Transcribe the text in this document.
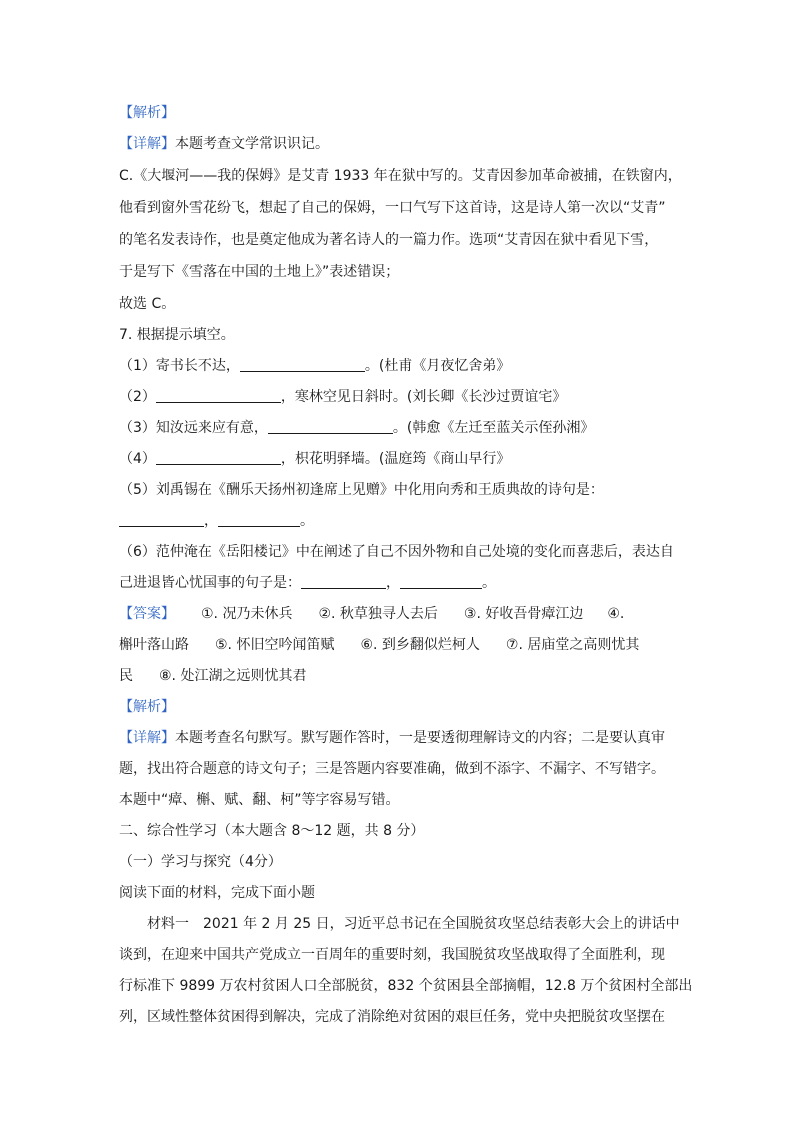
【解析】
【详解】本题考查文学常识识记。
C.《大堰河——我的保姆》是艾青 1933 年在狱中写的。艾青因参加革命被捕，在铁窗内，
他看到窗外雪花纷飞，想起了自己的保姆，一口气写下这首诗，这是诗人第一次以“艾青”
的笔名发表诗作，也是奠定他成为著名诗人的一篇力作。选项“艾青因在狱中看见下雪，
于是写下《雪落在中国的土地上》”表述错误；
故选 C。
7. 根据提示填空。
（1）寄书长不达，	。(杜甫《月夜忆舍弟》
（2）	，寒林空见日斜时。(刘长卿《长沙过贾谊宅》
（3）知汝远来应有意，	。(韩愈《左迁至蓝关示侄孙湘》
（4）	，枳花明驿墙。(温庭筠《商山早行》
（5）刘禹锡在《酬乐天扬州初逢席上见赠》中化用向秀和王质典故的诗句是：
，	。
（6）范仲淹在《岳阳楼记》中在阐述了自己不因外物和自己处境的变化而喜悲后，表达自
己进退皆心忧国事的句子是：	，	。
【答案】 ①. 况乃未休兵 ②. 秋草独寻人去后 ③. 好收吾骨瘴江边 ④.
槲叶落山路 ⑤. 怀旧空吟闻笛赋 ⑥. 到乡翻似烂柯人 ⑦. 居庙堂之高则忧其
民 ⑧. 处江湖之远则忧其君
【解析】
【详解】本题考查名句默写。默写题作答时，一是要透彻理解诗文的内容；二是要认真审
题，找出符合题意的诗文句子；三是答题内容要准确，做到不添字、不漏字、不写错字。
本题中“瘴、槲、赋、翻、柯”等字容易写错。
二、综合性学习（本大题含 8～12 题，共 8 分）
（一）学习与探究（4分）
阅读下面的材料，完成下面小题
材料一　2021 年 2 月 25 日，习近平总书记在全国脱贫攻坚总结表彰大会上的讲话中
谈到，在迎来中国共产党成立一百周年的重要时刻，我国脱贫攻坚战取得了全面胜利，现
行标准下 9899 万农村贫困人口全部脱贫，832 个贫困县全部摘帽，12.8 万个贫困村全部出
列，区域性整体贫困得到解决，完成了消除绝对贫困的艰巨任务，党中央把脱贫攻坚摆在
